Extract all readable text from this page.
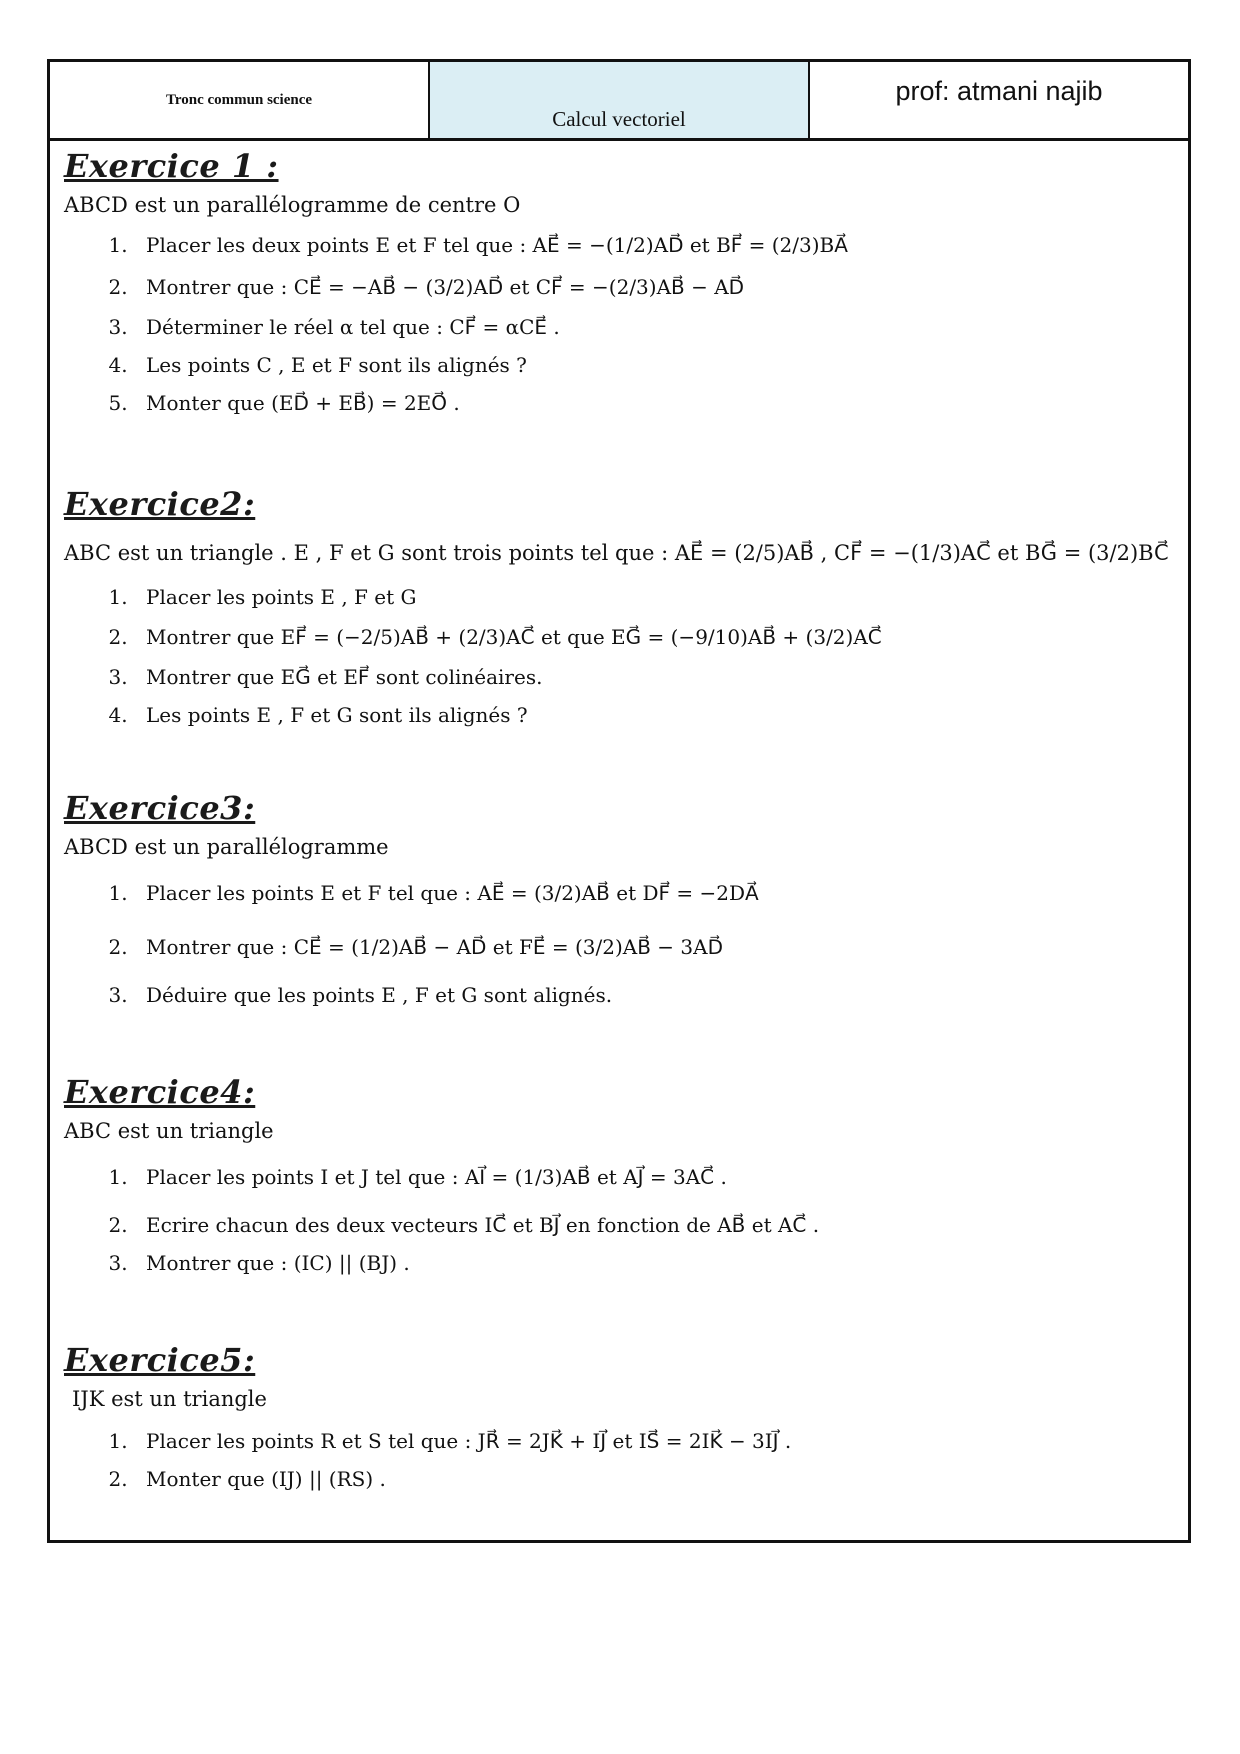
Tronc commun science
Calcul vectoriel
prof: atmani najib
Exercice 1 :
ABCD est un parallélogramme de centre O
1. Placer les deux points E et F tel que : AE⃗ = −(1/2)AD⃗ et BF⃗ = (2/3)BA⃗
2. Montrer que : CE⃗ = −AB⃗ − (3/2)AD⃗ et CF⃗ = −(2/3)AB⃗ − AD⃗
3. Déterminer le réel α tel que : CF⃗ = αCE⃗ .
4. Les points C , E et F sont ils alignés ?
5. Monter que (ED⃗ + EB⃗) = 2EO⃗ .
Exercice2:
ABC est un triangle . E , F et G sont trois points tel que : AE⃗ = (2/5)AB⃗ , CF⃗ = −(1/3)AC⃗ et BG⃗ = (3/2)BC⃗
1. Placer les points E , F et G
2. Montrer que EF⃗ = (−2/5)AB⃗ + (2/3)AC⃗ et que EG⃗ = (−9/10)AB⃗ + (3/2)AC⃗
3. Montrer que EG⃗ et EF⃗ sont colinéaires.
4. Les points E , F et G sont ils alignés ?
Exercice3:
ABCD est un parallélogramme
1. Placer les points E et F tel que : AE⃗ = (3/2)AB⃗ et DF⃗ = −2DA⃗
2. Montrer que : CE⃗ = (1/2)AB⃗ − AD⃗ et FE⃗ = (3/2)AB⃗ − 3AD⃗
3. Déduire que les points E , F et G sont alignés.
Exercice4:
ABC est un triangle
1. Placer les points I et J tel que : AI⃗ = (1/3)AB⃗ et AJ⃗ = 3AC⃗ .
2. Ecrire chacun des deux vecteurs IC⃗ et BJ⃗ en fonction de AB⃗ et AC⃗ .
3. Montrer que : (IC) || (BJ) .
Exercice5:
IJK est un triangle
1. Placer les points R et S tel que : JR⃗ = 2JK⃗ + IJ⃗ et IS⃗ = 2IK⃗ − 3IJ⃗ .
2. Monter que (IJ) || (RS) .
